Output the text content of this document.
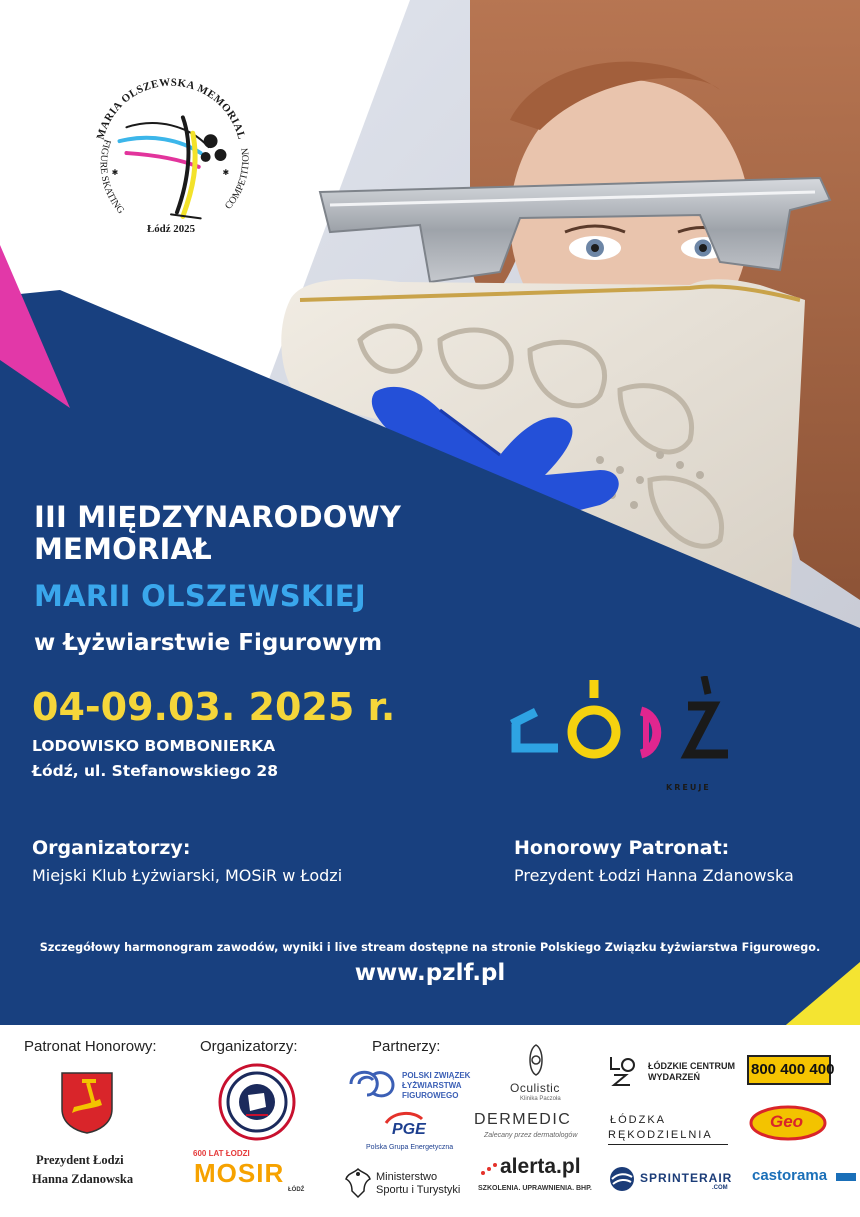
MARIA OLSZEWSKA MEMORIAL
FIGURE SKATING	COMPETITION
Łódź 2025
✱	✱
III MIĘDZYNARODOWY
MEMORIAŁ
MARII OLSZEWSKIEJ
w Łyżwiarstwie Figurowym
04-09.03. 2025 r.
LODOWISKO BOMBONIERKA
Łódź, ul. Stefanowskiego 28
KREUJE
Organizatorzy:
Miejski Klub Łyżwiarski, MOSiR w Łodzi
Honorowy Patronat:
Prezydent Łodzi Hanna Zdanowska
Szczegółowy harmonogram zawodów, wyniki i live stream dostępne na stronie Polskiego Związku Łyżwiarstwa Figurowego.
www.pzlf.pl
Patronat Honorowy:	Organizatorzy:	Partnerzy:
Prezydent Łodzi
Hanna Zdanowska
600 LAT ŁODZI
MOSIR
ŁÓDŹ
POLSKI ZWIĄZEK
ŁYŻWIARSTWA
FIGUROWEGO
PGE
Polska Grupa Energetyczna
Ministerstwo
Sportu i Turystyki
Oculistic
Klinika Paczoła
DERMEDIC
Zalecany przez dermatologów
alerta.pl
SZKOLENIA. UPRAWNIENIA. BHP.
ŁÓDZKIE CENTRUM
WYDARZEŃ
ŁÓDZKA
RĘKODZIELNIA
SPRINTERAIR
.COM
800 400 400
Geo
castorama
